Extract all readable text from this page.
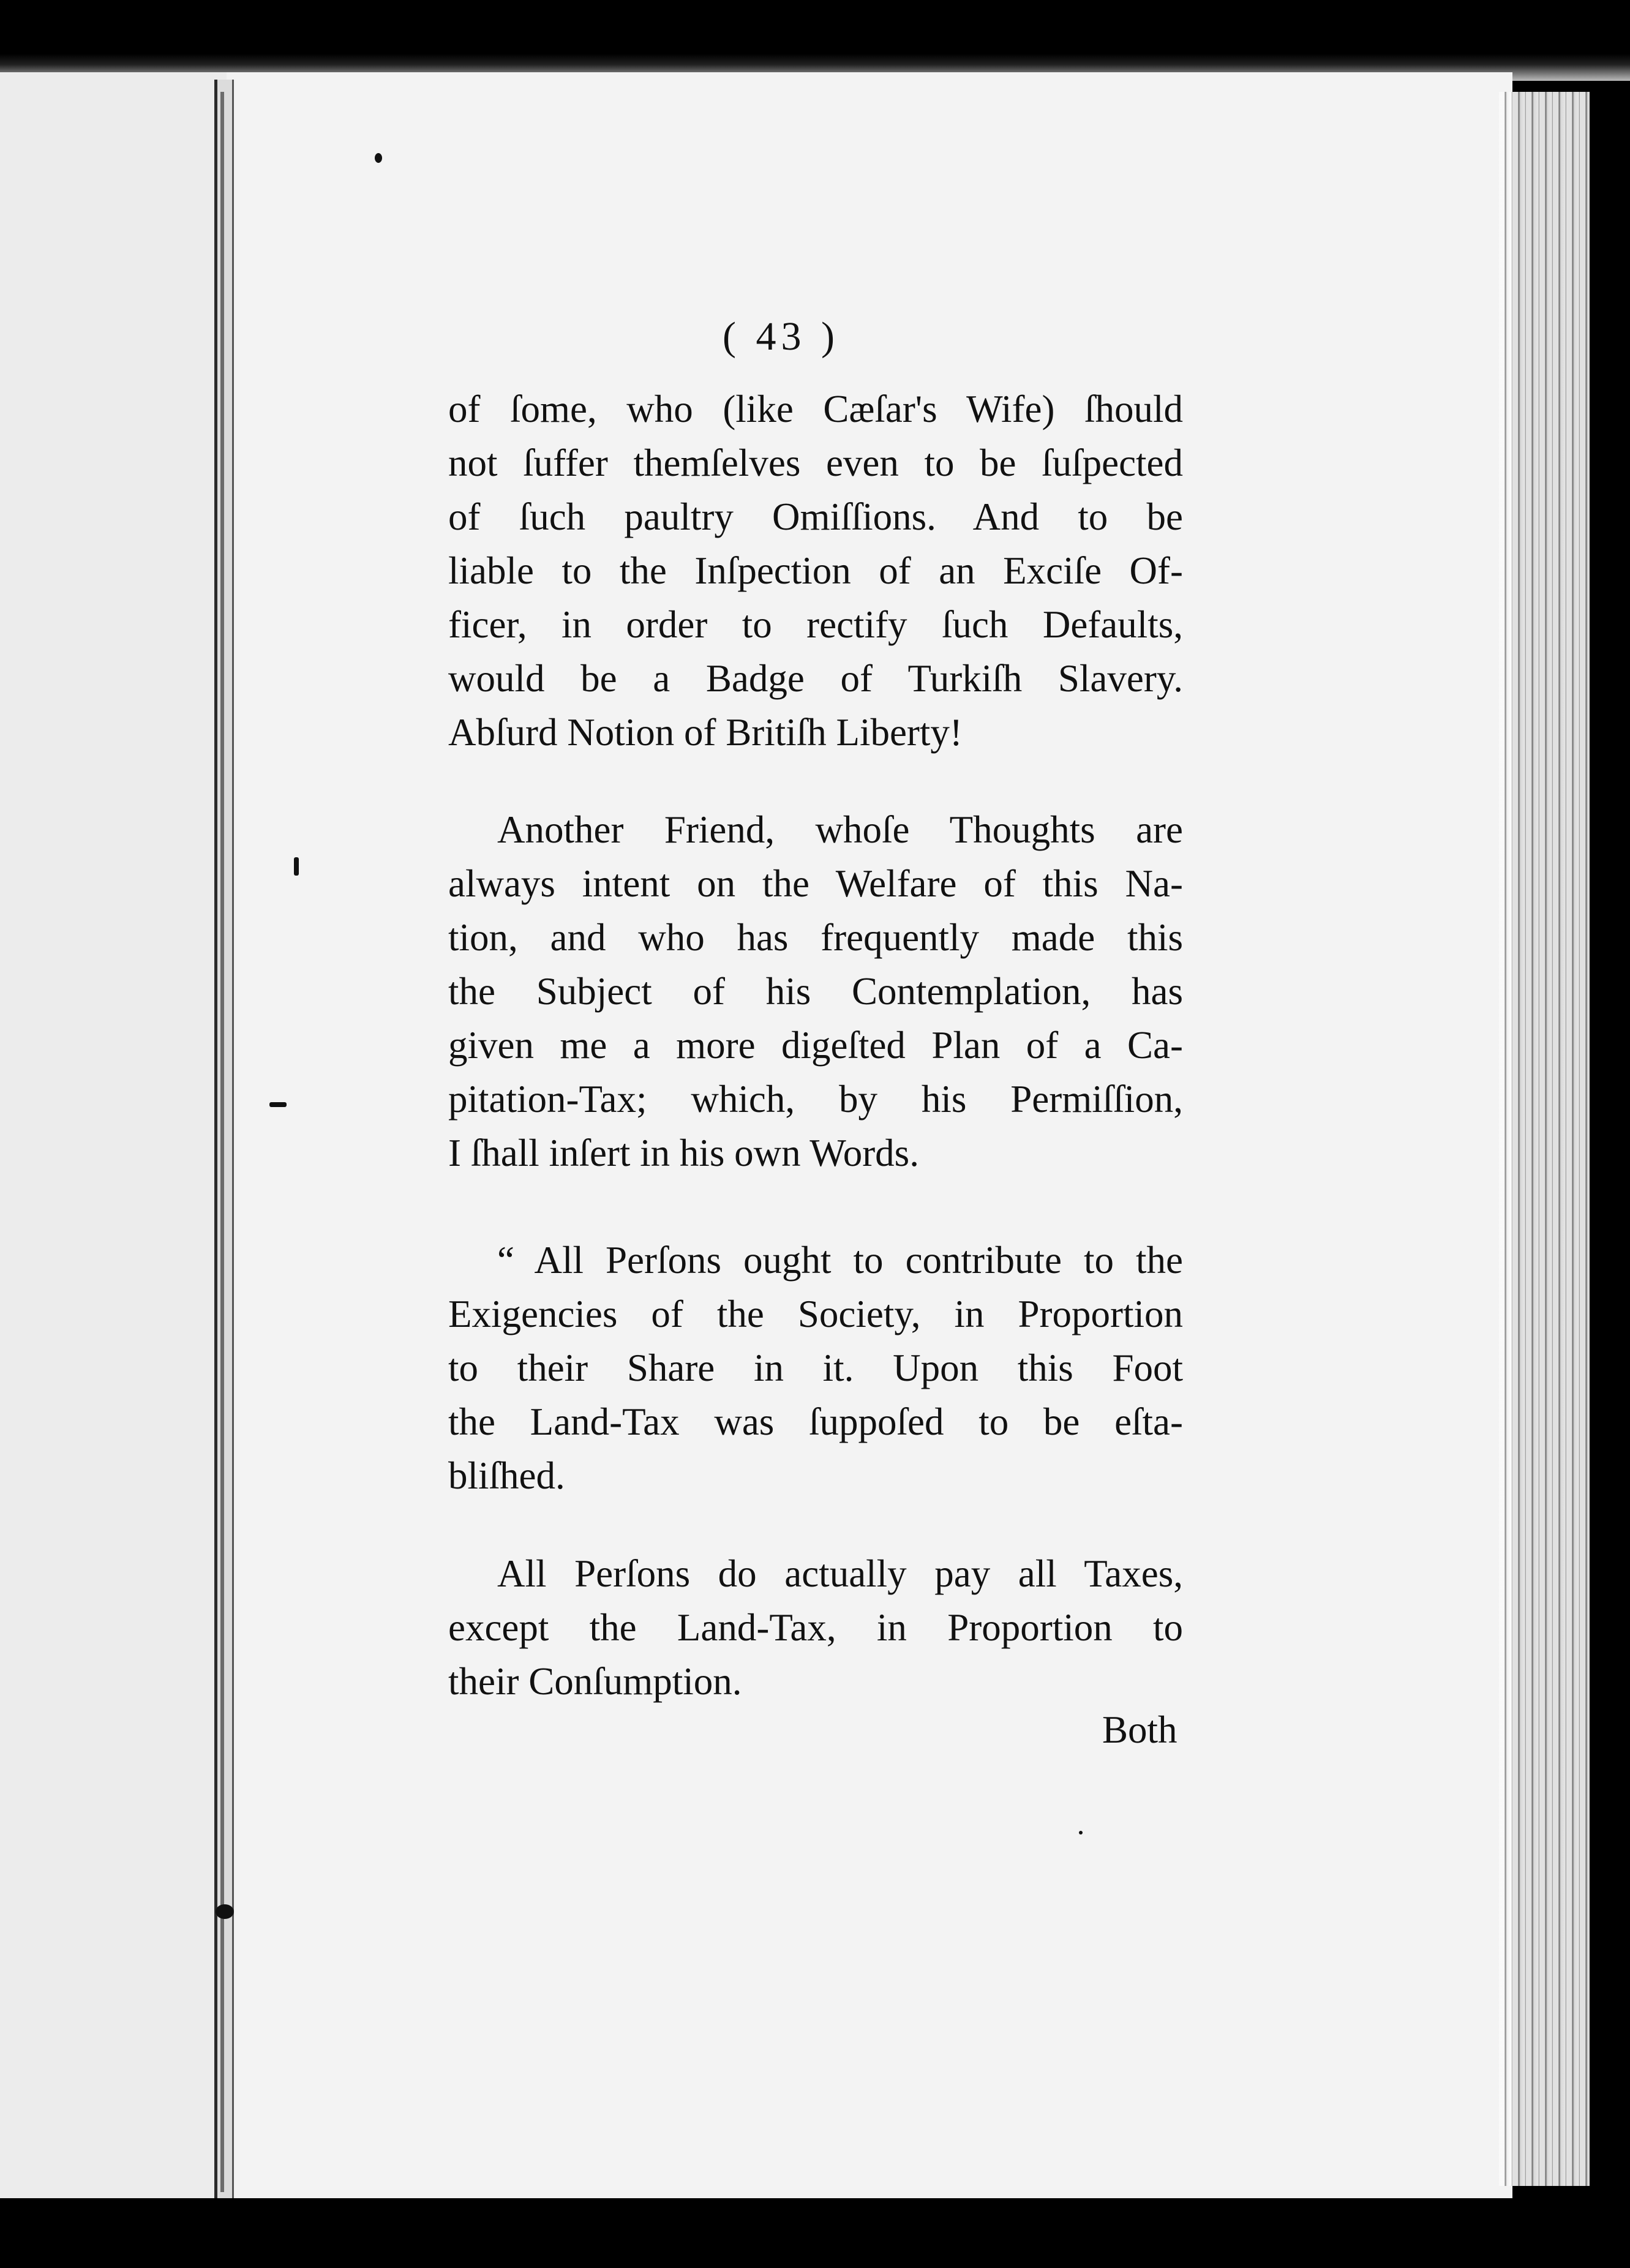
( 43 )
of ſome, who (like Cæſar's Wife) ſhould
not ſuffer themſelves even to be ſuſpected
of ſuch paultry Omiſſions. And to be
liable to the Inſpection of an Exciſe Of-
ficer, in order to rectify ſuch Defaults,
would be a Badge of Turkiſh Slavery.
Abſurd Notion of Britiſh Liberty!
Another Friend, whoſe Thoughts are
always intent on the Welfare of this Na-
tion, and who has frequently made this
the Subject of his Contemplation, has
given me a more digeſted Plan of a Ca-
pitation-Tax; which, by his Permiſſion,
I ſhall inſert in his own Words.
“ All Perſons ought to contribute to the
Exigencies of the Society, in Proportion
to their Share in it. Upon this Foot
the Land-Tax was ſuppoſed to be eſta-
bliſhed.
All Perſons do actually pay all Taxes,
except the Land-Tax, in Proportion to
their Conſumption.
Both
